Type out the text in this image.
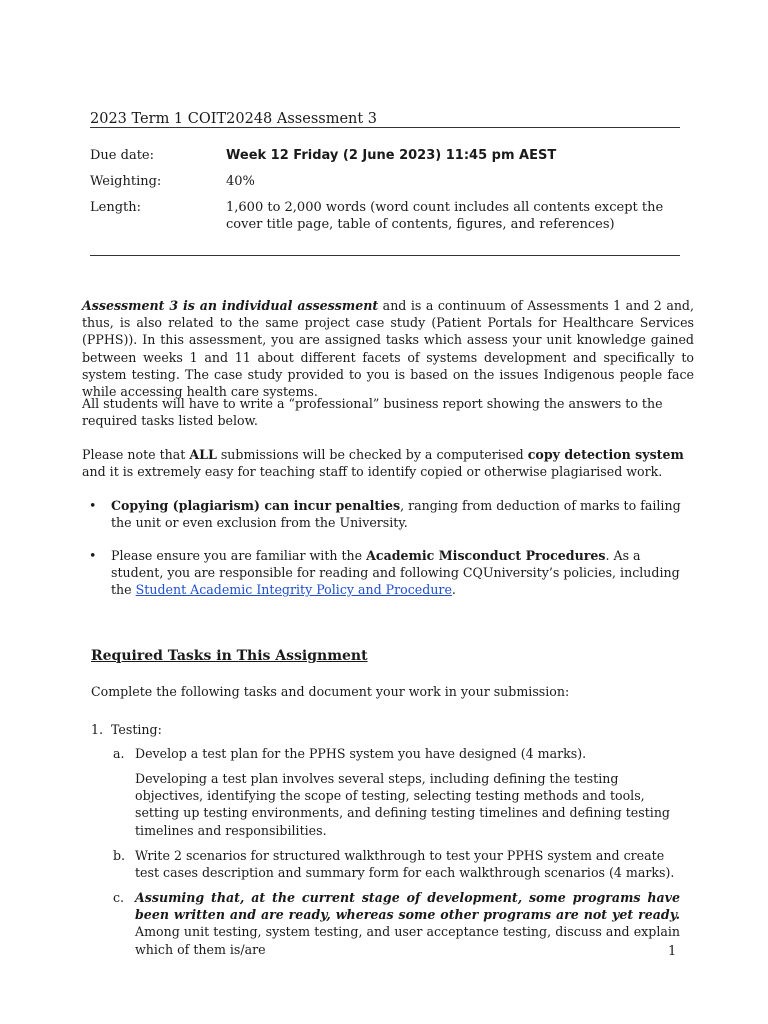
2023 Term 1 COIT20248 Assessment 3
Due date:	Week 12 Friday (2 June 2023) 11:45 pm AEST
Weighting:	40%
Length:	1,600 to 2,000 words (word count includes all contents except the cover title page, table of contents, figures, and references)
Assessment 3 is an individual assessment and is a continuum of Assessments 1 and 2 and, thus, is also related to the same project case study (Patient Portals for Healthcare Services (PPHS)). In this assessment, you are assigned tasks which assess your unit knowledge gained between weeks 1 and 11 about different facets of systems development and specifically to system testing. The case study provided to you is based on the issues Indigenous people face while accessing health care systems.
All students will have to write a “professional” business report showing the answers to the required tasks listed below.
Please note that ALL submissions will be checked by a computerised copy detection system
and it is extremely easy for teaching staff to identify copied or otherwise plagiarised work.
• Copying (plagiarism) can incur penalties, ranging from deduction of marks to failing the unit or even exclusion from the University.
• Please ensure you are familiar with the Academic Misconduct Procedures. As a student, you are responsible for reading and following CQUniversity’s policies, including the Student Academic Integrity Policy and Procedure.
Required Tasks in This Assignment
Complete the following tasks and document your work in your submission:
1. Testing:
a. Develop a test plan for the PPHS system you have designed (4 marks).
Developing a test plan involves several steps, including defining the testing objectives, identifying the scope of testing, selecting testing methods and tools, setting up testing environments, and defining testing timelines and defining testing timelines and responsibilities.
b. Write 2 scenarios for structured walkthrough to test your PPHS system and create test cases description and summary form for each walkthrough scenarios (4 marks).
c. Assuming that, at the current stage of development, some programs have been written and are ready, whereas some other programs are not yet ready. Among unit testing, system testing, and user acceptance testing, discuss and explain which of them is/are	1
